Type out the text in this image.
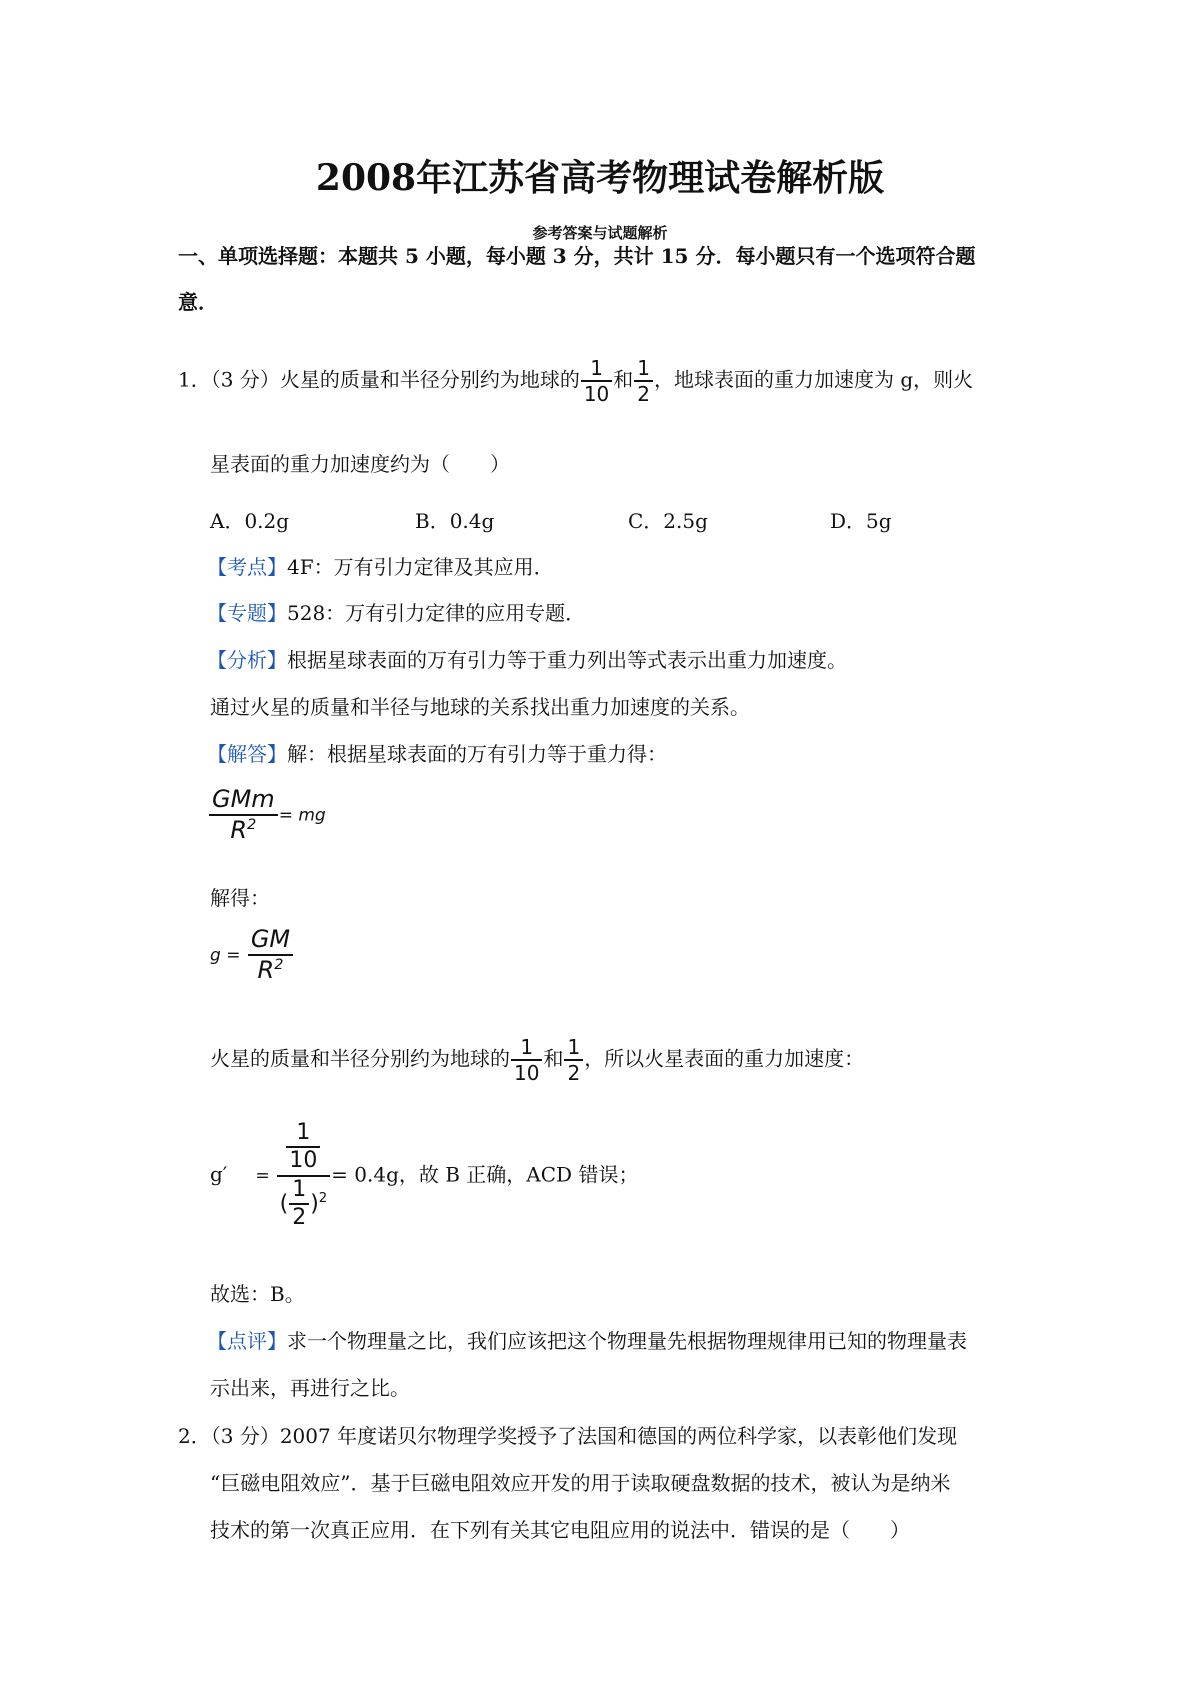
2008年江苏省高考物理试卷解析版
参考答案与试题解析
一、单项选择题：本题共 5 小题，每小题 3 分，共计 15 分．每小题只有一个选项符合题
意．
1．（3 分）火星的质量和半径分别约为地球的 $\frac{1}{10}$ 和 $\frac{1}{2}$ ，地球表面的重力加速度为 g，则火
星表面的重力加速度约为（　　）
A．0.2g	B．0.4g	C．2.5g	D．5g
【考点】4F：万有引力定律及其应用．
【专题】528：万有引力定律的应用专题．
【分析】根据星球表面的万有引力等于重力列出等式表示出重力加速度。
通过火星的质量和半径与地球的关系找出重力加速度的关系。
【解答】解：根据星球表面的万有引力等于重力得：
$\frac{\text{GMm}}{R^2}$ = mg
解得：
$g = \frac{GM}{R^2}$
火星的质量和半径分别约为地球的 $\frac{1}{10}$ 和 $\frac{1}{2}$ ，所以火星表面的重力加速度：
$g' = \frac{\frac{1}{10}}{( \frac{1}{2} )^2} = 0.4g$，故 B 正确，ACD 错误；
故选：B。
【点评】求一个物理量之比，我们应该把这个物理量先根据物理规律用已知的物理量表
示出来，再进行之比。
2．（3 分）2007 年度诺贝尔物理学奖授予了法国和德国的两位科学家，以表彰他们发现
“巨磁电阻效应”．基于巨磁电阻效应开发的用于读取硬盘数据的技术，被认为是纳米
技术的第一次真正应用．在下列有关其它电阻应用的说法中．错误的是（　　）
